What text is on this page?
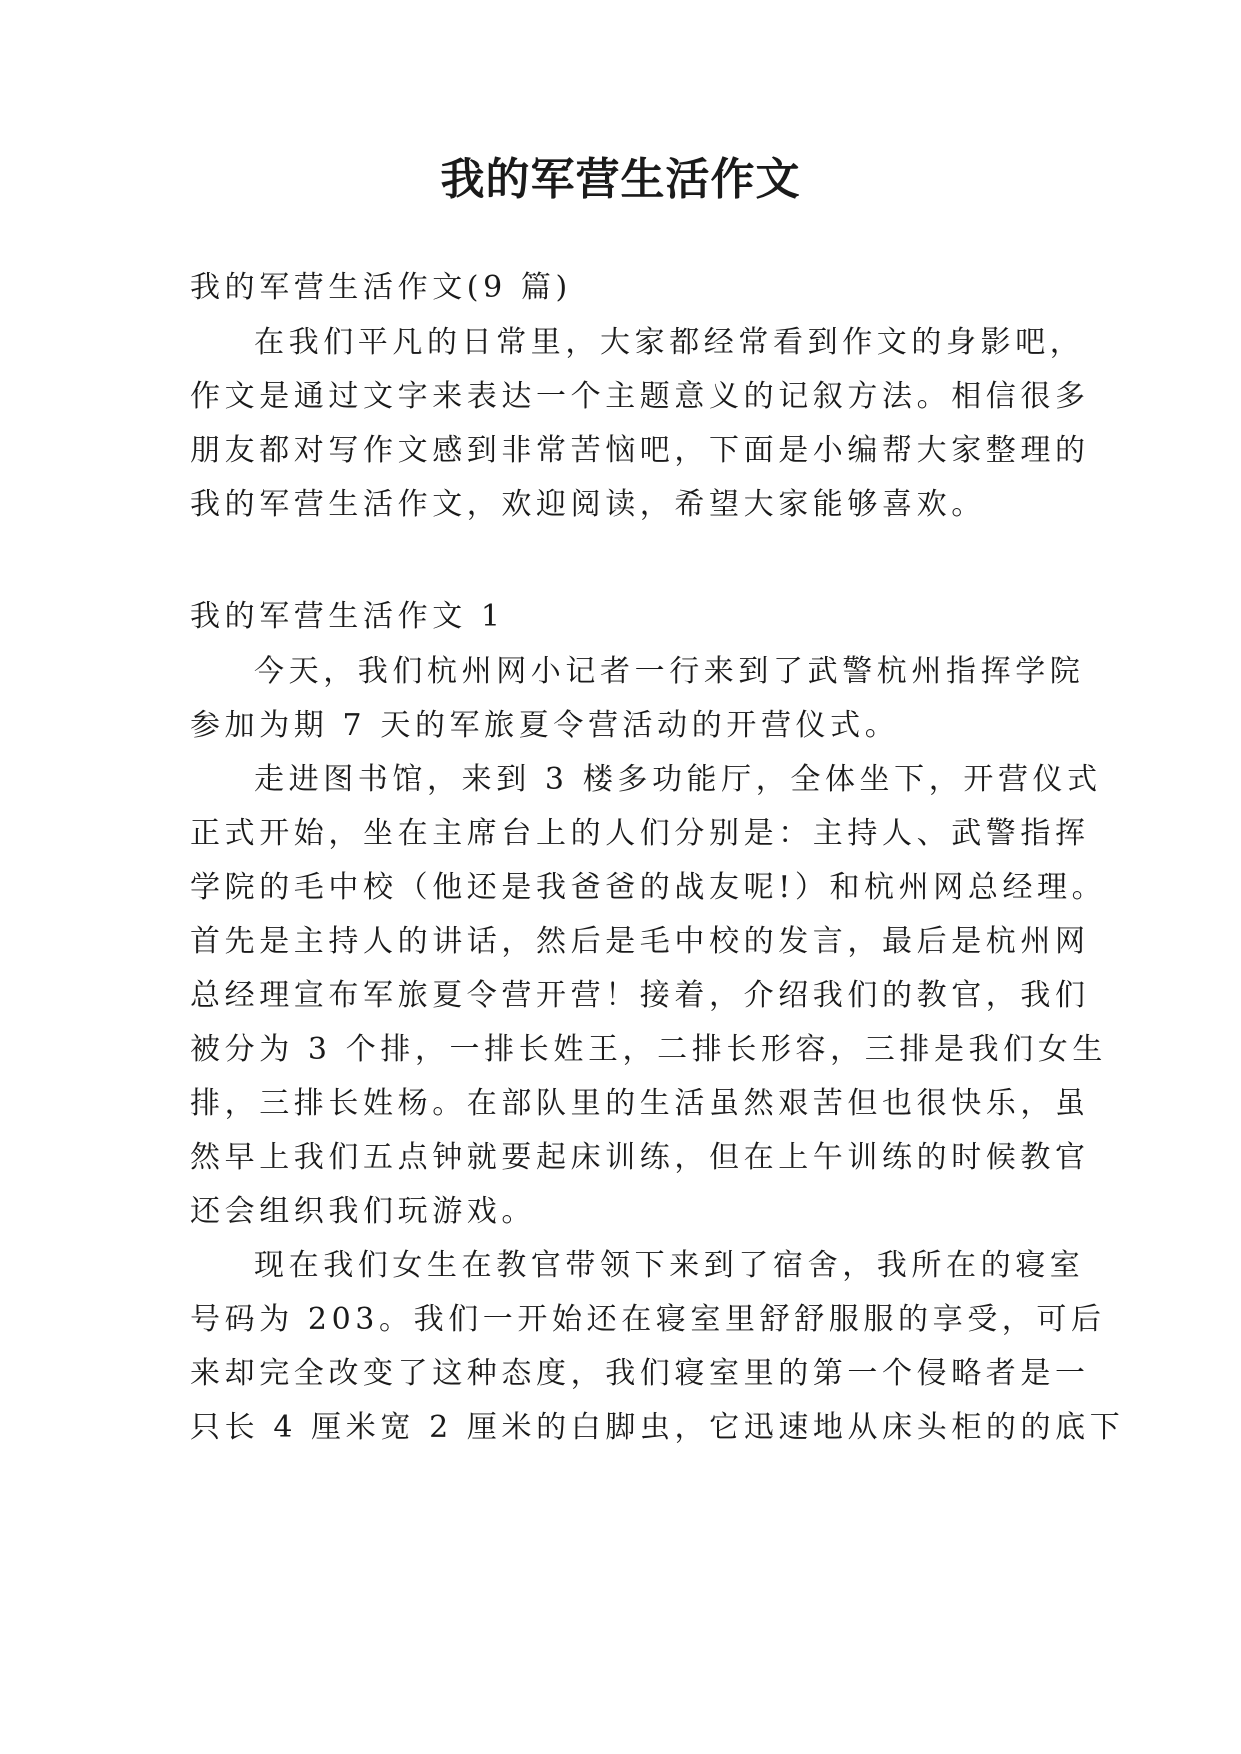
我的军营生活作文
我的军营生活作文(9 篇)
在我们平凡的日常里，大家都经常看到作文的身影吧，
作文是通过文字来表达一个主题意义的记叙方法。相信很多
朋友都对写作文感到非常苦恼吧，下面是小编帮大家整理的
我的军营生活作文，欢迎阅读，希望大家能够喜欢。
我的军营生活作文 1
今天，我们杭州网小记者一行来到了武警杭州指挥学院
参加为期 7 天的军旅夏令营活动的开营仪式。
走进图书馆，来到 3 楼多功能厅，全体坐下，开营仪式
正式开始，坐在主席台上的人们分别是：主持人、武警指挥
学院的毛中校（他还是我爸爸的战友呢!）和杭州网总经理。
首先是主持人的讲话，然后是毛中校的发言，最后是杭州网
总经理宣布军旅夏令营开营！接着，介绍我们的教官，我们
被分为 3 个排，一排长姓王，二排长形容，三排是我们女生
排，三排长姓杨。在部队里的生活虽然艰苦但也很快乐，虽
然早上我们五点钟就要起床训练，但在上午训练的时候教官
还会组织我们玩游戏。
现在我们女生在教官带领下来到了宿舍，我所在的寝室
号码为 203。我们一开始还在寝室里舒舒服服的享受，可后
来却完全改变了这种态度，我们寝室里的第一个侵略者是一
只长 4 厘米宽 2 厘米的白脚虫，它迅速地从床头柜的的底下
